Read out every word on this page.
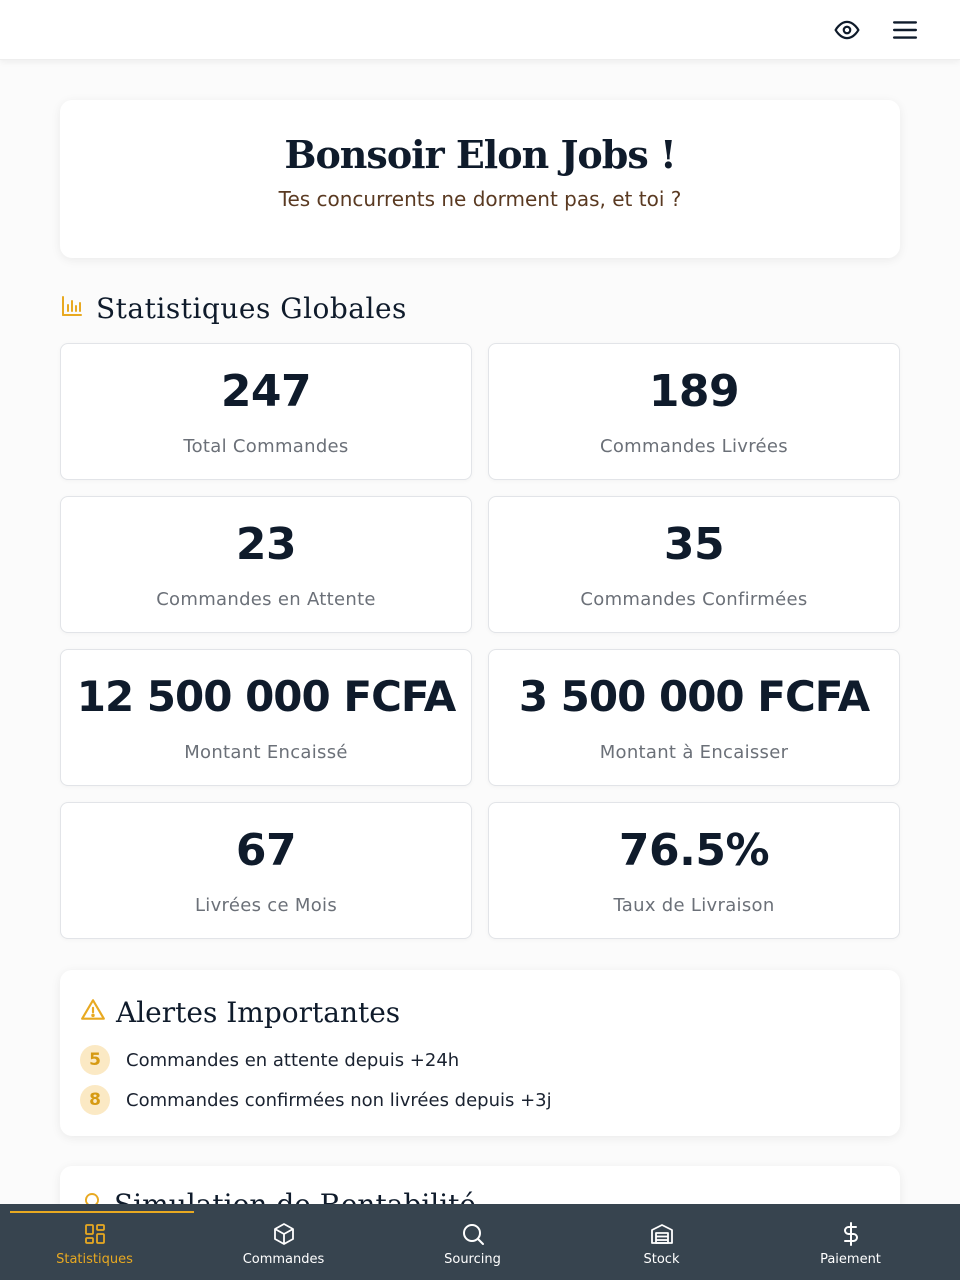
Bonsoir Elon Jobs !

Tes concurrents ne dorment pas, et toi ?

Statistiques Globales
247
Total Commandes
189
Commandes Livrées
23
Commandes en Attente
35
Commandes Confirmées
12 500 000 FCFA
Montant Encaissé
3 500 000 FCFA
Montant à Encaisser
67
Livrées ce Mois
76.5%
Taux de Livraison
Alertes Importantes
5	Commandes en attente depuis +24h
8	Commandes confirmées non livrées depuis +3j
Statistiques	Commandes	Sourcing	Stock	Paiement
